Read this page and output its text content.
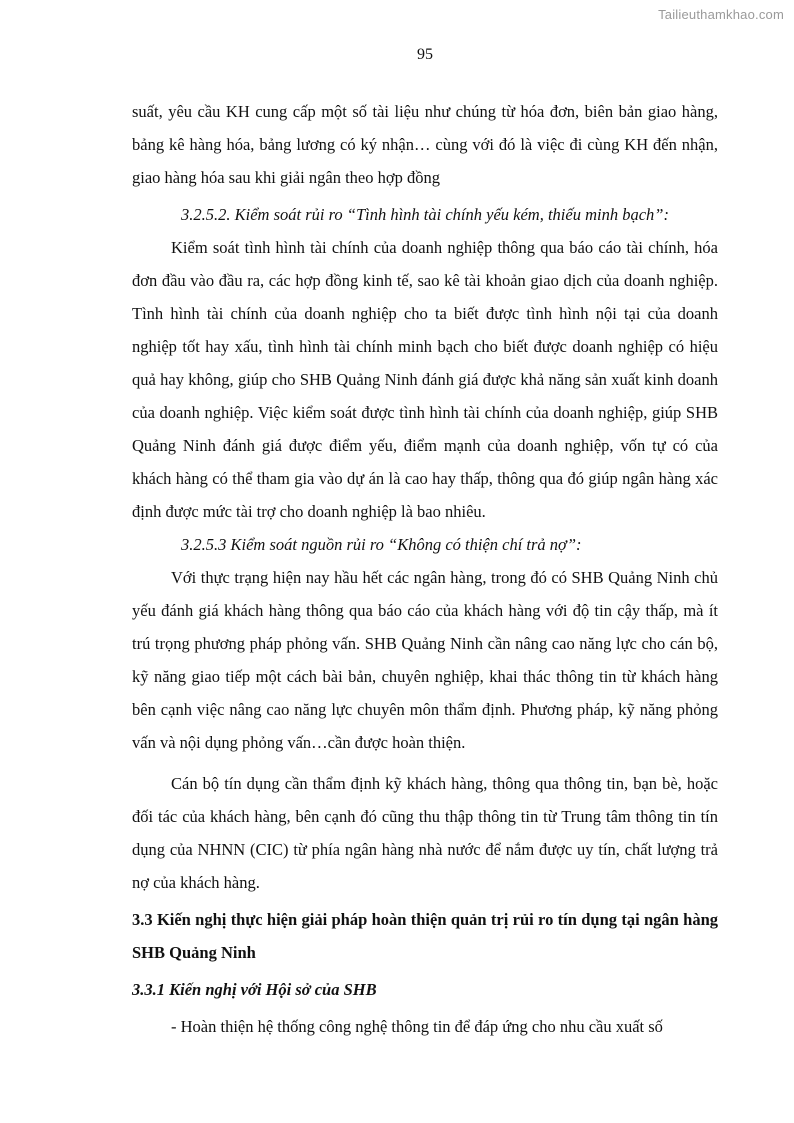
Tailieuthamkhao.com
95

suất, yêu cầu KH cung cấp một số tài liệu như chúng từ hóa đơn, biên bản giao hàng, bảng kê hàng hóa, bảng lương có ký nhận… cùng với đó là việc đi cùng KH đến nhận, giao hàng hóa sau khi giải ngân theo hợp đồng

3.2.5.2. Kiểm soát rủi ro “Tình hình tài chính yếu kém, thiếu minh bạch”:

Kiểm soát tình hình tài chính của doanh nghiệp thông qua báo cáo tài chính, hóa đơn đầu vào đầu ra, các hợp đồng kinh tế, sao kê tài khoản giao dịch của doanh nghiệp. Tình hình tài chính của doanh nghiệp cho ta biết được tình hình nội tại của doanh nghiệp tốt hay xấu, tình hình tài chính minh bạch cho biết được doanh nghiệp có hiệu quả hay không, giúp cho SHB Quảng Ninh đánh giá được khả năng sản xuất kinh doanh của doanh nghiệp. Việc kiểm soát được tình hình tài chính của doanh nghiệp, giúp SHB Quảng Ninh đánh giá được điểm yếu, điểm mạnh của doanh nghiệp, vốn tự có của khách hàng có thể tham gia vào dự án là cao hay thấp, thông qua đó giúp ngân hàng xác định được mức tài trợ cho doanh nghiệp là bao nhiêu.

3.2.5.3 Kiểm soát nguồn rủi ro “Không có thiện chí trả nợ”:

Với thực trạng hiện nay hầu hết các ngân hàng, trong đó có SHB Quảng Ninh chủ yếu đánh giá khách hàng thông qua báo cáo của khách hàng với độ tin cậy thấp, mà ít trú trọng phương pháp phỏng vấn. SHB Quảng Ninh cần nâng cao năng lực cho cán bộ, kỹ năng giao tiếp một cách bài bản, chuyên nghiệp, khai thác thông tin từ khách hàng bên cạnh việc nâng cao năng lực chuyên môn thẩm định. Phương pháp, kỹ năng phỏng vấn và nội dụng phỏng vấn…cần được hoàn thiện.

Cán bộ tín dụng cần thẩm định kỹ khách hàng, thông qua thông tin, bạn bè, hoặc đối tác của khách hàng, bên cạnh đó cũng thu thập thông tin từ Trung tâm thông tin tín dụng của NHNN (CIC) từ phía ngân hàng nhà nước để nắm được uy tín, chất lượng trả nợ của khách hàng.

3.3 Kiến nghị thực hiện giải pháp hoàn thiện quản trị rủi ro tín dụng tại ngân hàng SHB Quảng Ninh

3.3.1 Kiến nghị với Hội sở của SHB

- Hoàn thiện hệ thống công nghệ thông tin để đáp ứng cho nhu cầu xuất số
